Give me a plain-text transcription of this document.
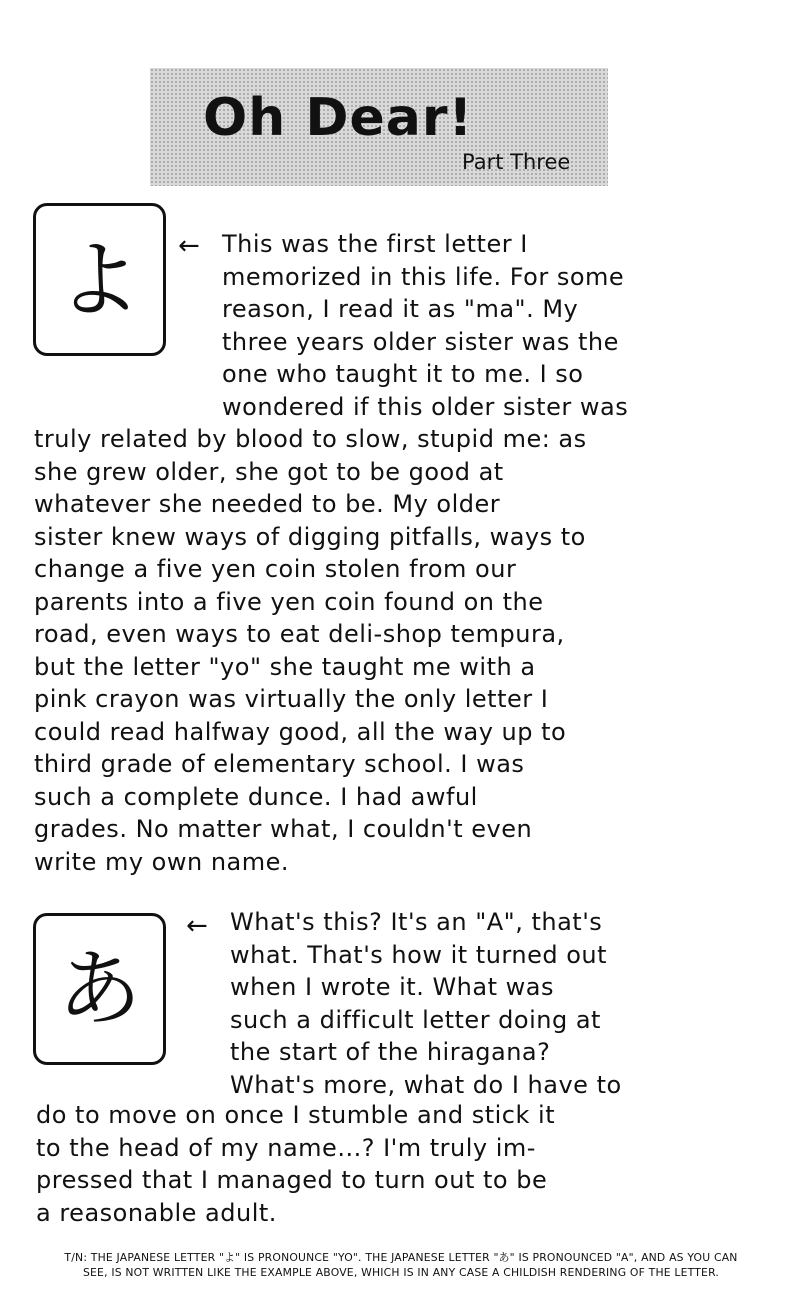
Oh Dear!
Part Three
よ ← This was the first letter I
memorized in this life. For some
reason, I read it as "ma". My
three years older sister was the
one who taught it to me. I so
wondered if this older sister was
truly related by blood to slow, stupid me: as
she grew older, she got to be good at
whatever she needed to be. My older
sister knew ways of digging pitfalls, ways to
change a five yen coin stolen from our
parents into a five yen coin found on the
road, even ways to eat deli-shop tempura,
but the letter "yo" she taught me with a
pink crayon was virtually the only letter I
could read halfway good, all the way up to
third grade of elementary school. I was
such a complete dunce. I had awful
grades. No matter what, I couldn't even
write my own name.
あ
← What's this? It's an "A", that's
what. That's how it turned out
when I wrote it. What was
such a difficult letter doing at
the start of the hiragana?
What's more, what do I have to
do to move on once I stumble and stick it
to the head of my name...? I'm truly im-
pressed that I managed to turn out to be
a reasonable adult.
T/N: THE JAPANESE LETTER "よ" IS PRONOUNCE "YO". THE JAPANESE LETTER "あ" IS PRONOUNCED "A", AND AS YOU CAN
SEE, IS NOT WRITTEN LIKE THE EXAMPLE ABOVE, WHICH IS IN ANY CASE A CHILDISH RENDERING OF THE LETTER.
